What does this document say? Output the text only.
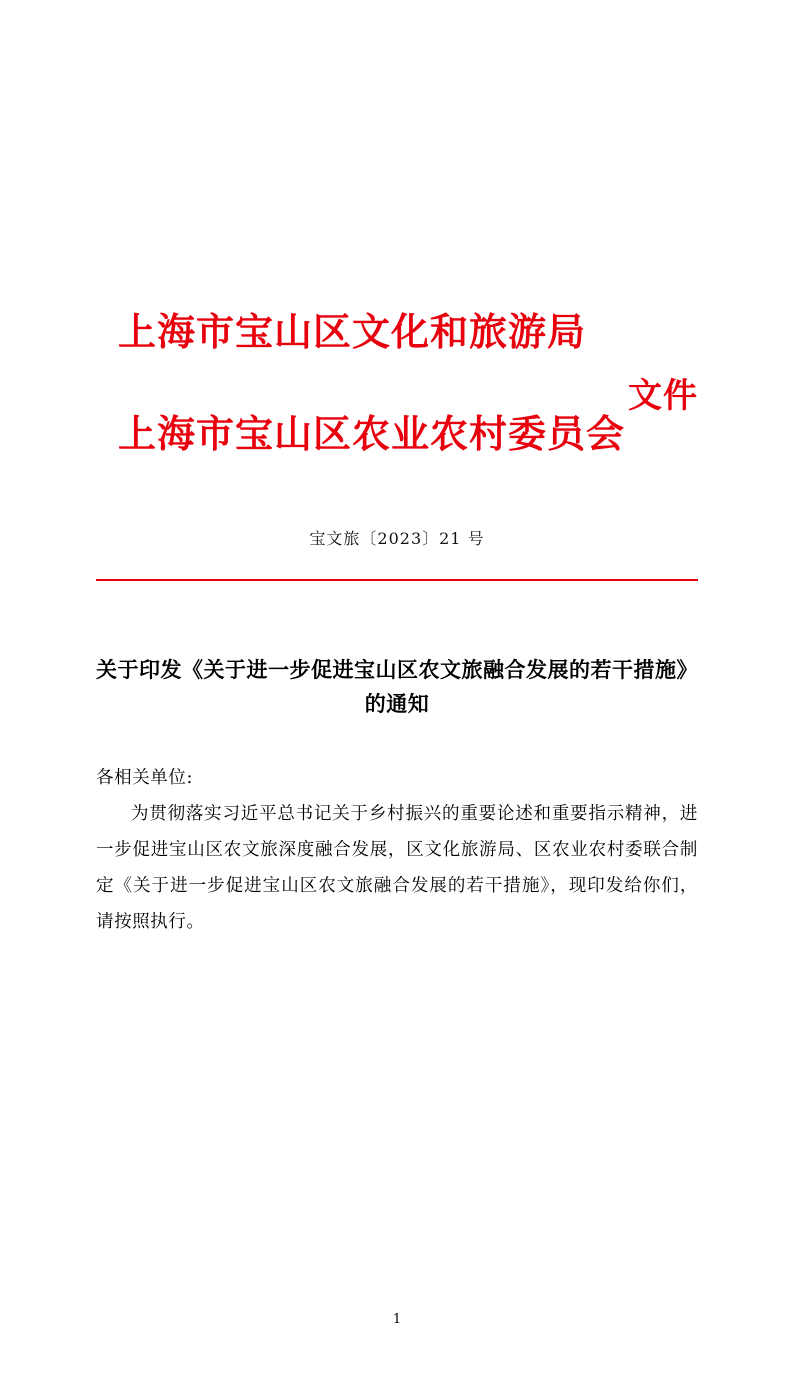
上海市宝山区文化和旅游局
文件
上海市宝山区农业农村委员会
宝文旅〔2023〕21 号
关于印发《关于进一步促进宝山区农文旅融合发展的若干措施》的通知

各相关单位:

为贯彻落实习近平总书记关于乡村振兴的重要论述和重要指示精神，进一步促进宝山区农文旅深度融合发展，区文化旅游局、区农业农村委联合制定《关于进一步促进宝山区农文旅融合发展的若干措施》，现印发给你们，请按照执行。

1
